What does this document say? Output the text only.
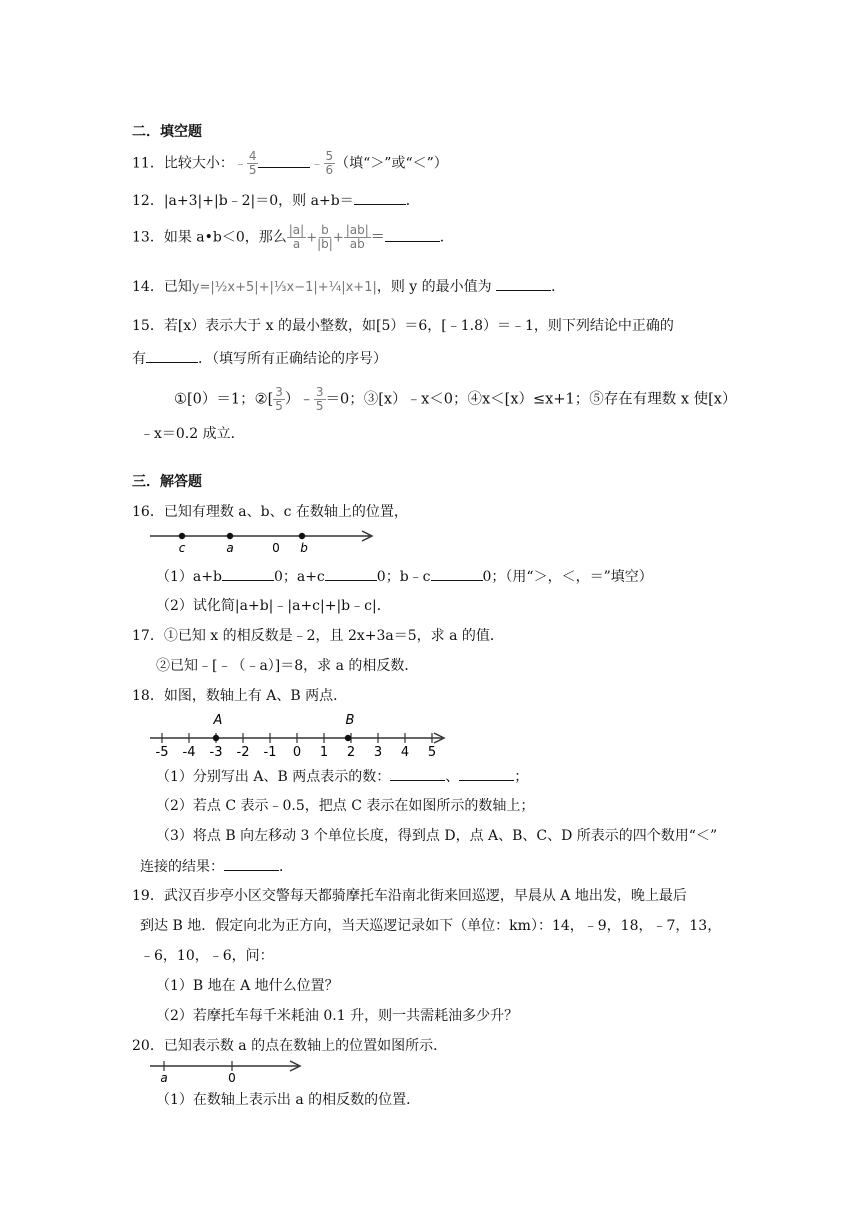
二．填空题
11．比较大小：﹣ $\frac{4}{5}$	﹣ $\frac{5}{6}$ （填“＞”或“＜”）
12．|a+3|+|b﹣2|＝0，则 a+b＝	．
13．如果 a•b＜0，那么 $\frac{|a|}{a} + \frac{b}{|b|} + \frac{|ab|}{ab}$ ＝	．
14．已知y=|½x+5|+|⅓x−1|+¼|x+1|，则 y 的最小值为	．
15．若[x）表示大于 x 的最小整数，如[5）＝6，[﹣1.8）＝﹣1，则下列结论中正确的
有	．（填写所有正确结论的序号）
①[0）＝1；②[ $\frac{3}{5}$ ）﹣ $\frac{3}{5} =0$；③[x）﹣x＜0；④x＜[x）≤x+1；⑤存在有理数 x 使[x）
﹣x＝0.2 成立．
三．解答题
16．已知有理数 a、b、c 在数轴上的位置，
c	a	0 b
（1）a+b	0；a+c	0；b﹣c	0；（用“＞，＜，＝”填空）
（2）试化简|a+b|﹣|a+c|+|b﹣c|．
17．①已知 x 的相反数是﹣2，且 2x+3a＝5，求 a 的值．
②已知﹣[﹣（﹣a）]＝8，求 a 的相反数．
18．如图，数轴上有 A、B 两点．
-5 -4 -3 -2 -1 0 1 2 3 4 5
A	B
（1）分别写出 A、B 两点表示的数：	、	；
（2）若点 C 表示﹣0.5，把点 C 表示在如图所示的数轴上；
（3）将点 B 向左移动 3 个单位长度，得到点 D，点 A、B、C、D 所表示的四个数用“＜”
连接的结果：	．
19．武汉百步亭小区交警每天都骑摩托车沿南北街来回巡逻，早晨从 A 地出发，晚上最后
到达 B 地．假定向北为正方向，当天巡逻记录如下（单位：km）：14，﹣9，18，﹣7，13，
﹣6，10，﹣6，问：
（1）B 地在 A 地什么位置？
（2）若摩托车每千米耗油 0.1 升，则一共需耗油多少升？
20．已知表示数 a 的点在数轴上的位置如图所示．
a	0
（1）在数轴上表示出 a 的相反数的位置．
